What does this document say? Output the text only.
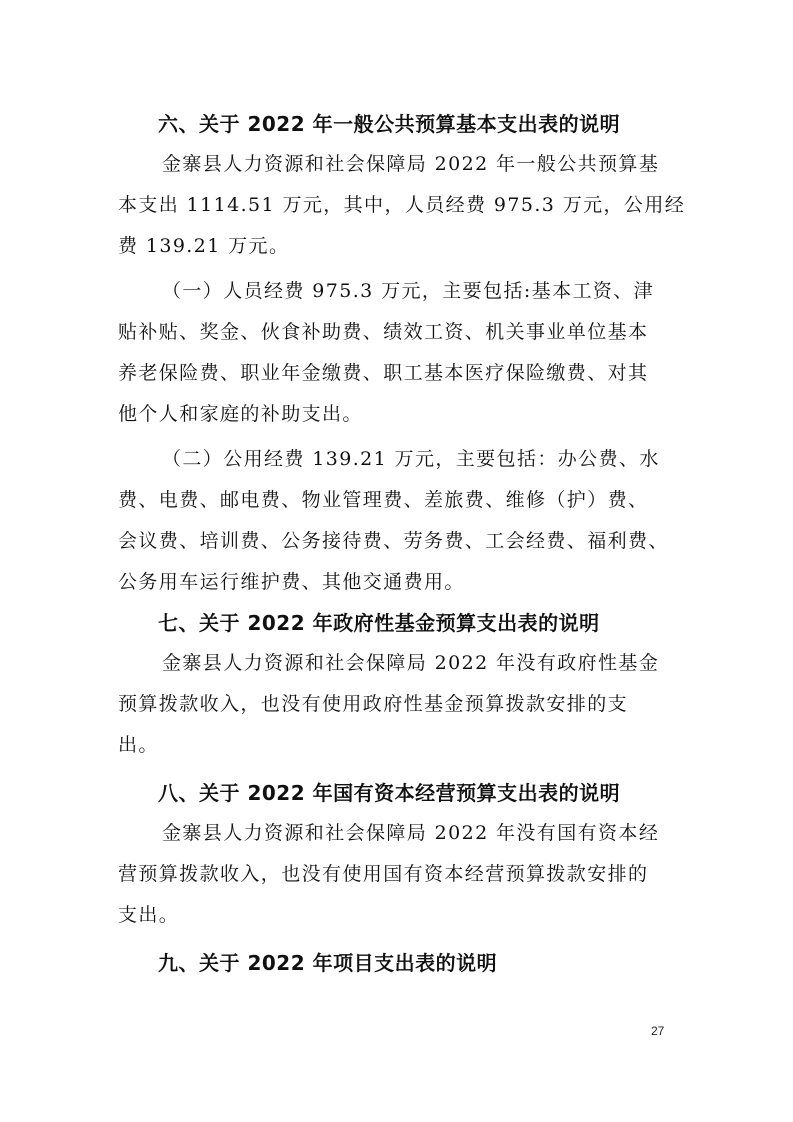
六、关于 2022 年一般公共预算基本支出表的说明

金寨县人力资源和社会保障局 2022 年一般公共预算基
本支出 1114.51 万元，其中，人员经费 975.3 万元，公用经
费 139.21 万元。

（一）人员经费 975.3 万元，主要包括:基本工资、津
贴补贴、奖金、伙食补助费、绩效工资、机关事业单位基本
养老保险费、职业年金缴费、职工基本医疗保险缴费、对其
他个人和家庭的补助支出。

（二）公用经费 139.21 万元，主要包括：办公费、水
费、电费、邮电费、物业管理费、差旅费、维修（护）费、
会议费、培训费、公务接待费、劳务费、工会经费、福利费、
公务用车运行维护费、其他交通费用。

七、关于 2022 年政府性基金预算支出表的说明

金寨县人力资源和社会保障局 2022 年没有政府性基金
预算拨款收入，也没有使用政府性基金预算拨款安排的支
出。

八、关于 2022 年国有资本经营预算支出表的说明

金寨县人力资源和社会保障局 2022 年没有国有资本经
营预算拨款收入，也没有使用国有资本经营预算拨款安排的
支出。

九、关于 2022 年项目支出表的说明
27
